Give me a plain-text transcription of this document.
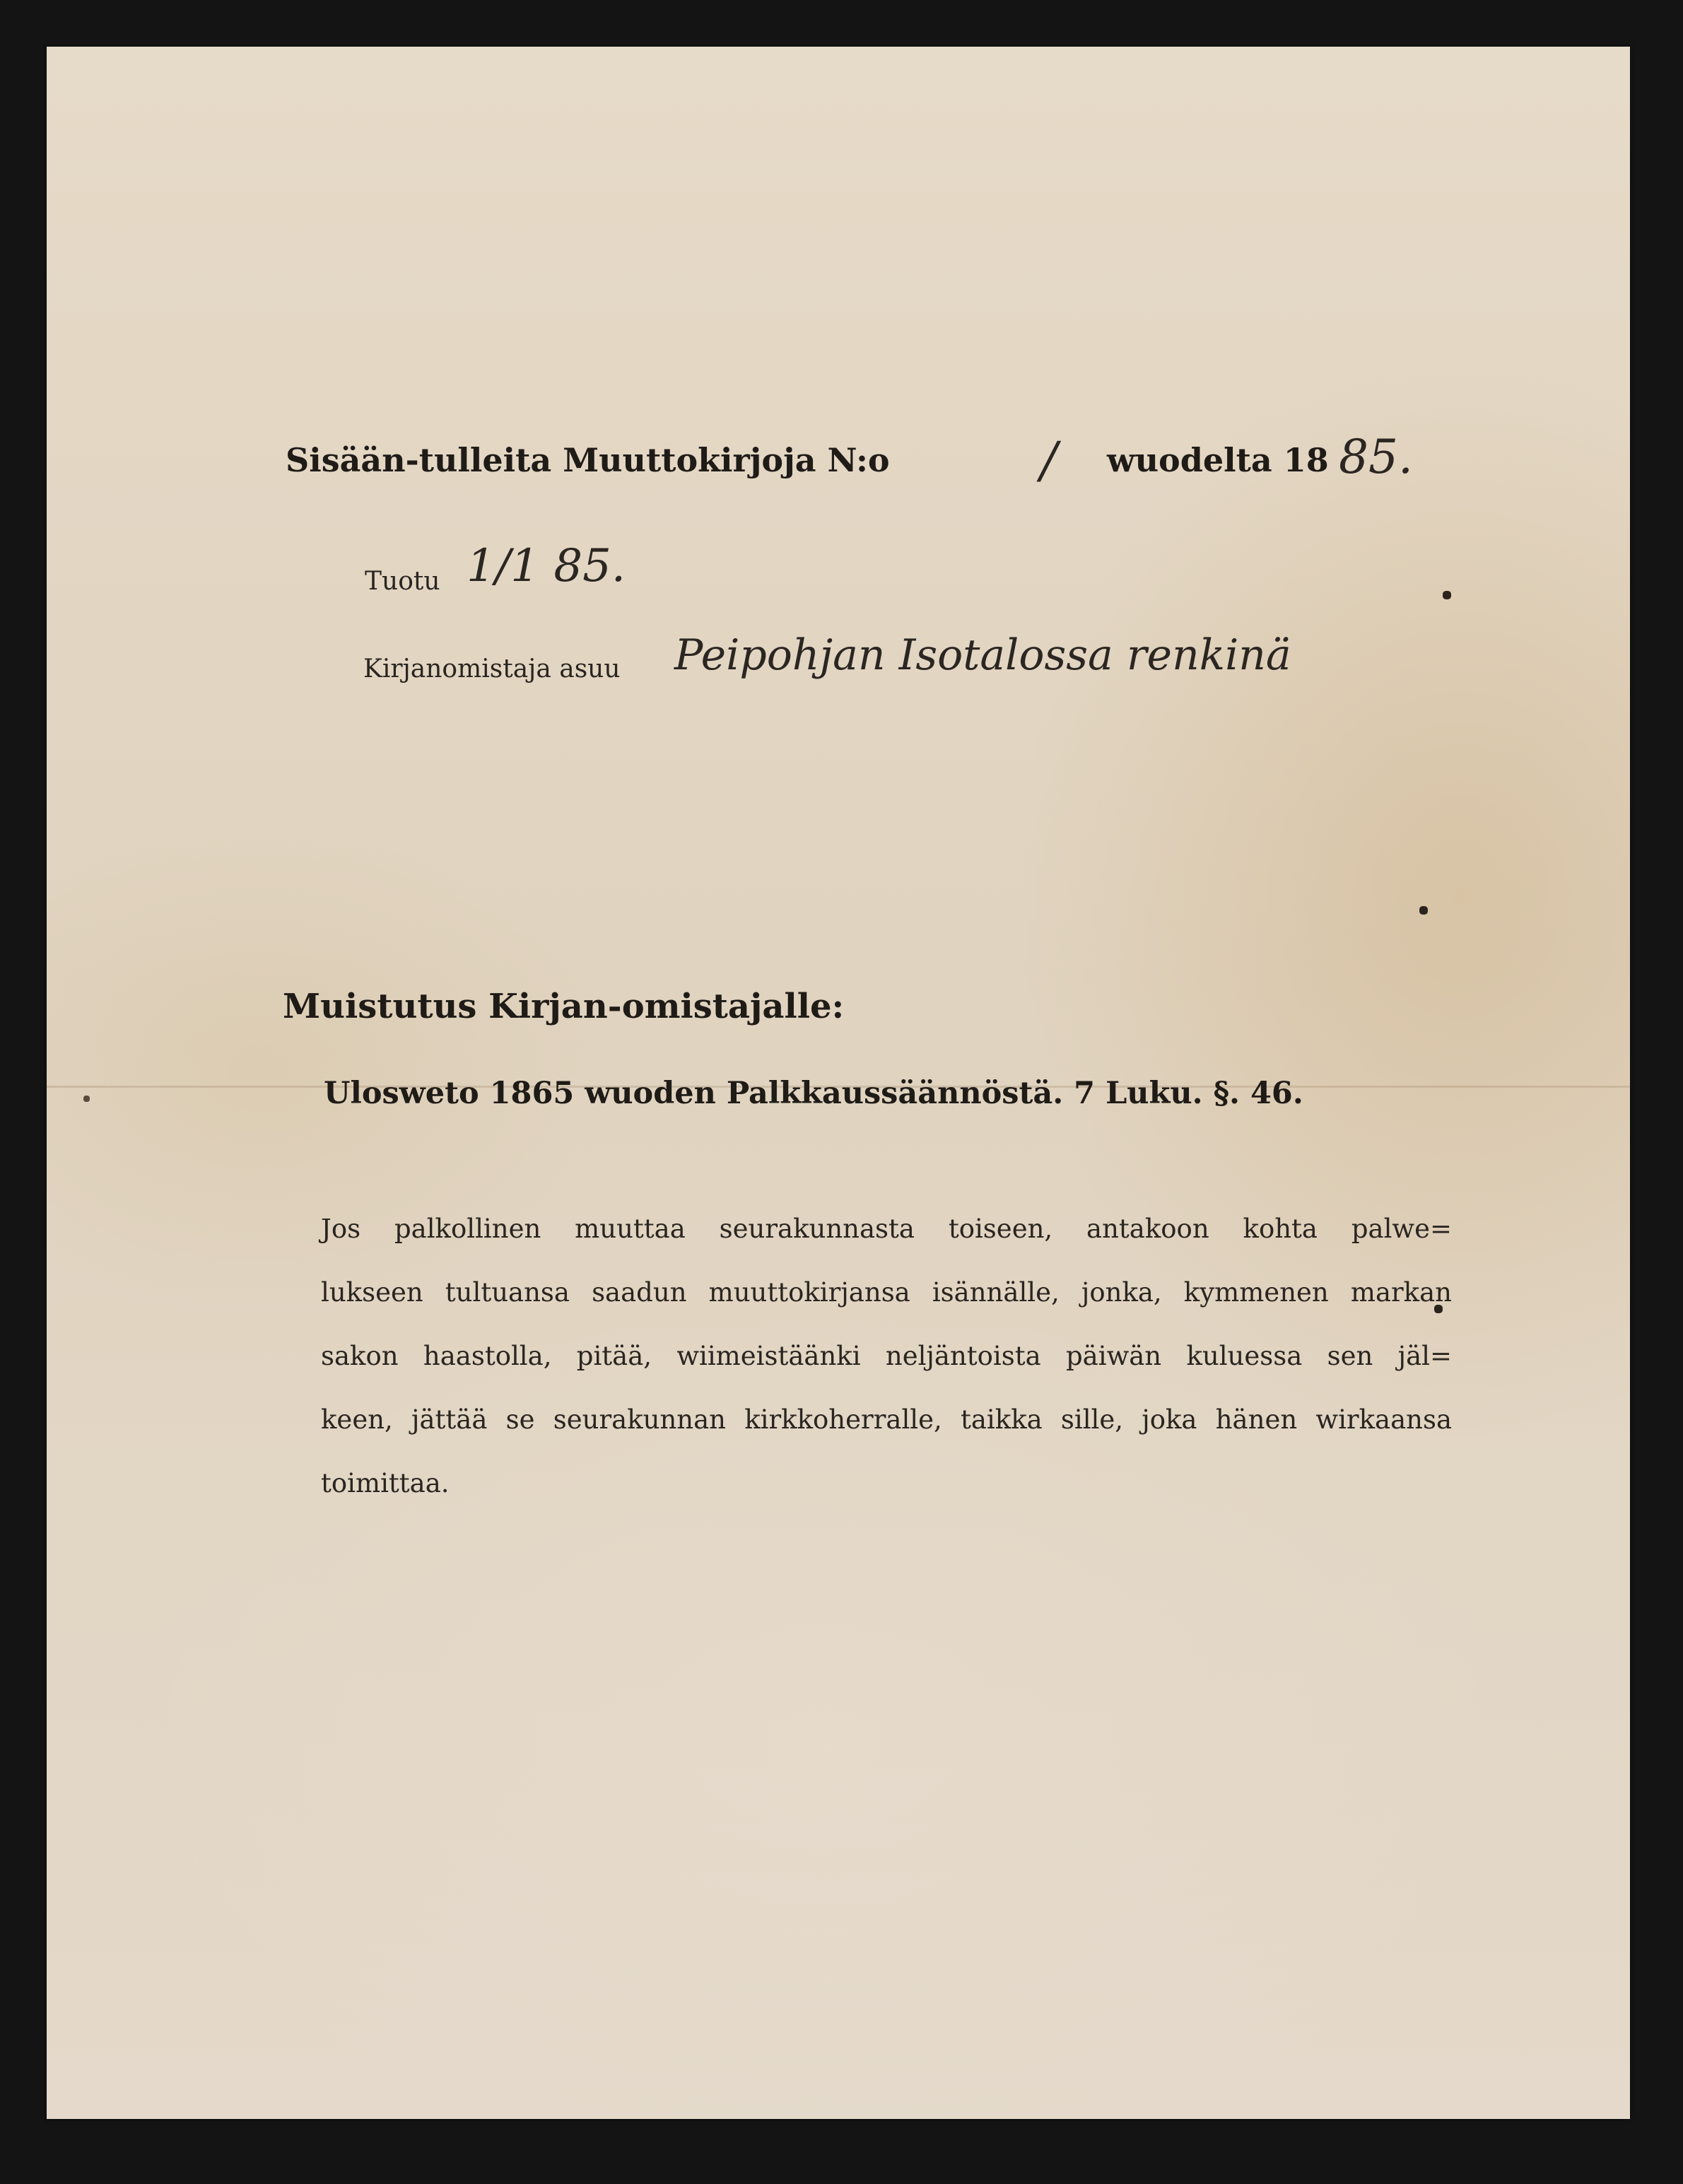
Sisään-tulleita Muuttokirjoja N:o	/ wuodelta 18 85.
Tuotu 1/1 85.
Kirjanomistaja asuu Peipohjan Isotalossa renkinä
Muistutus Kirjan-omistajalle:
Ulosweto 1865 wuoden Palkkaussäännöstä. 7 Luku. §. 46.
Jos palkollinen muuttaa seurakunnasta toiseen, antakoon kohta palwe=
lukseen tultuansa saadun muuttokirjansa isännälle, jonka, kymmenen markan
sakon haastolla, pitää, wiimeistäänki neljäntoista päiwän kuluessa sen jäl=
keen, jättää se seurakunnan kirkkoherralle, taikka sille, joka hänen wirkaansa
toimittaa.
